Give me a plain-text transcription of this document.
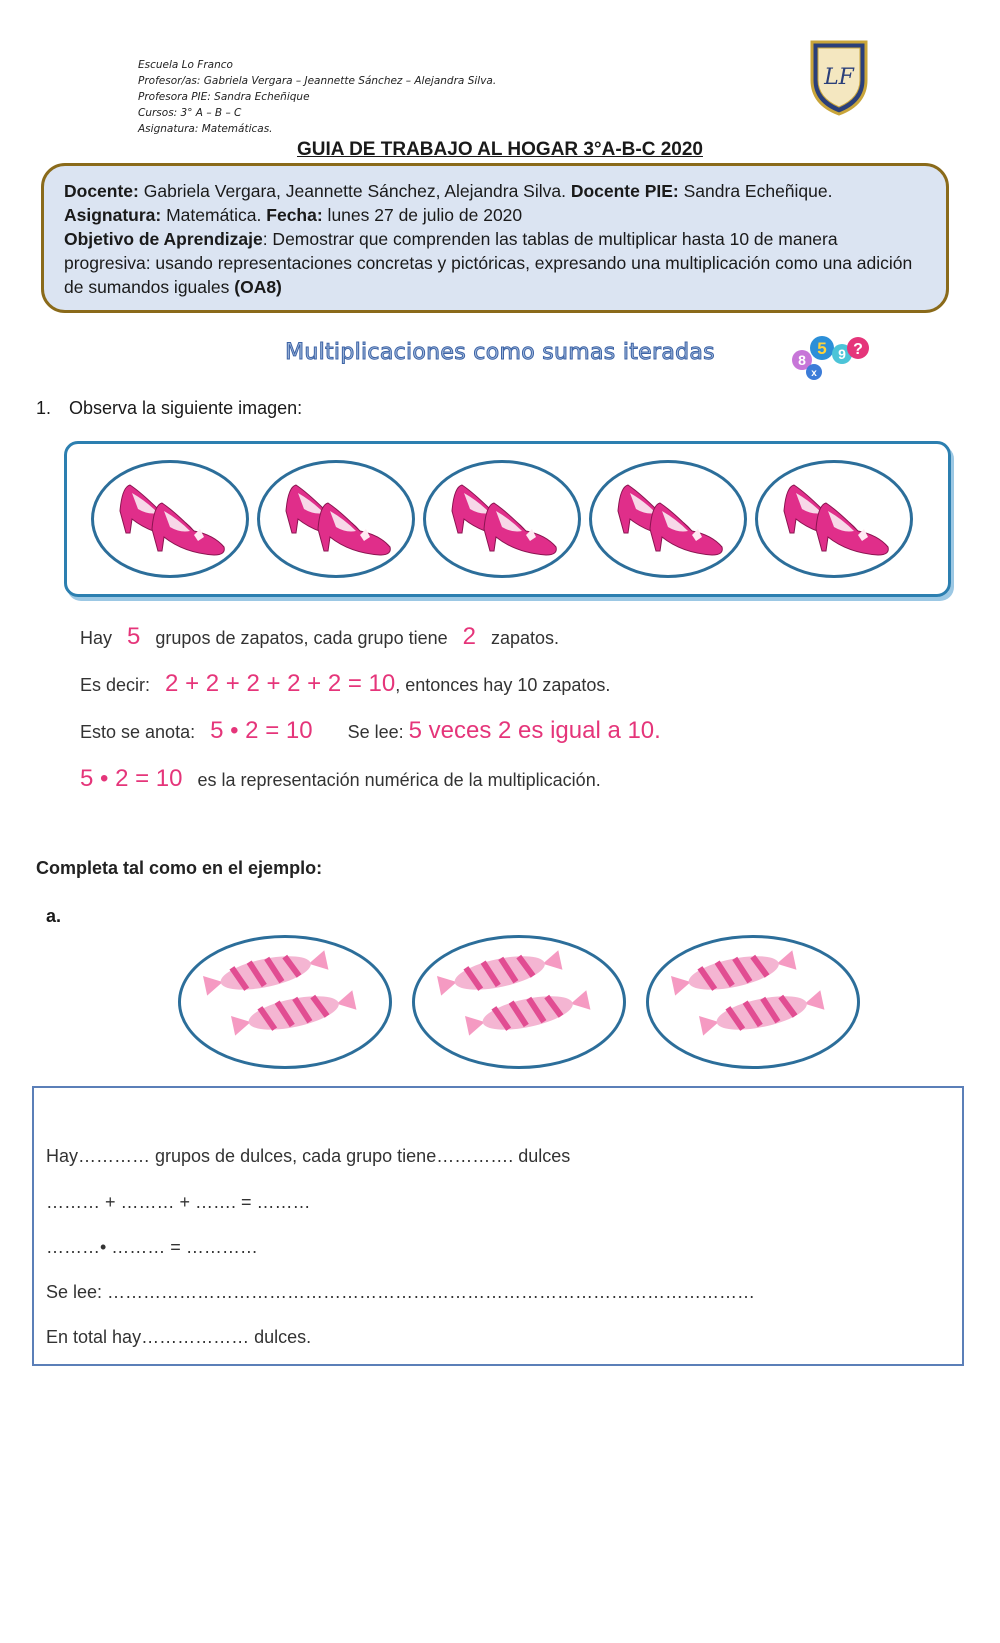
Escuela Lo Franco
Profesor/as: Gabriela Vergara – Jeannette Sánchez – Alejandra Silva.
Profesora PIE: Sandra Echeñique
Cursos: 3° A – B – C
Asignatura: Matemáticas.
LF
GUIA DE TRABAJO AL HOGAR 3°A-B-C 2020
Docente: Gabriela Vergara, Jeannette Sánchez, Alejandra Silva. Docente PIE: Sandra Echeñique.
Asignatura: Matemática. Fecha: lunes 27 de julio de 2020
Objetivo de Aprendizaje: Demostrar que comprenden las tablas de multiplicar hasta 10 de manera progresiva: usando representaciones concretas y pictóricas, expresando una multiplicación como una adición de sumandos iguales (OA8)
Multiplicaciones como sumas iteradas	8
5 9 ?
x
1. Observa la siguiente imagen:
Hay 5 grupos de zapatos, cada grupo tiene 2 zapatos.
Es decir: 2 + 2 + 2 + 2 + 2 = 10, entonces hay 10 zapatos.
Esto se anota: 5 • 2 = 10 Se lee: 5 veces 2 es igual a 10.
5 • 2 = 10 es la representación numérica de la multiplicación.
Completa tal como en el ejemplo:
a.
Hay………… grupos de dulces, cada grupo tiene…………. dulces
……… + ……… + ……. = ………
………• ……… = …………
Se lee: ………………………………………………………………………………………………
En total hay……………… dulces.
